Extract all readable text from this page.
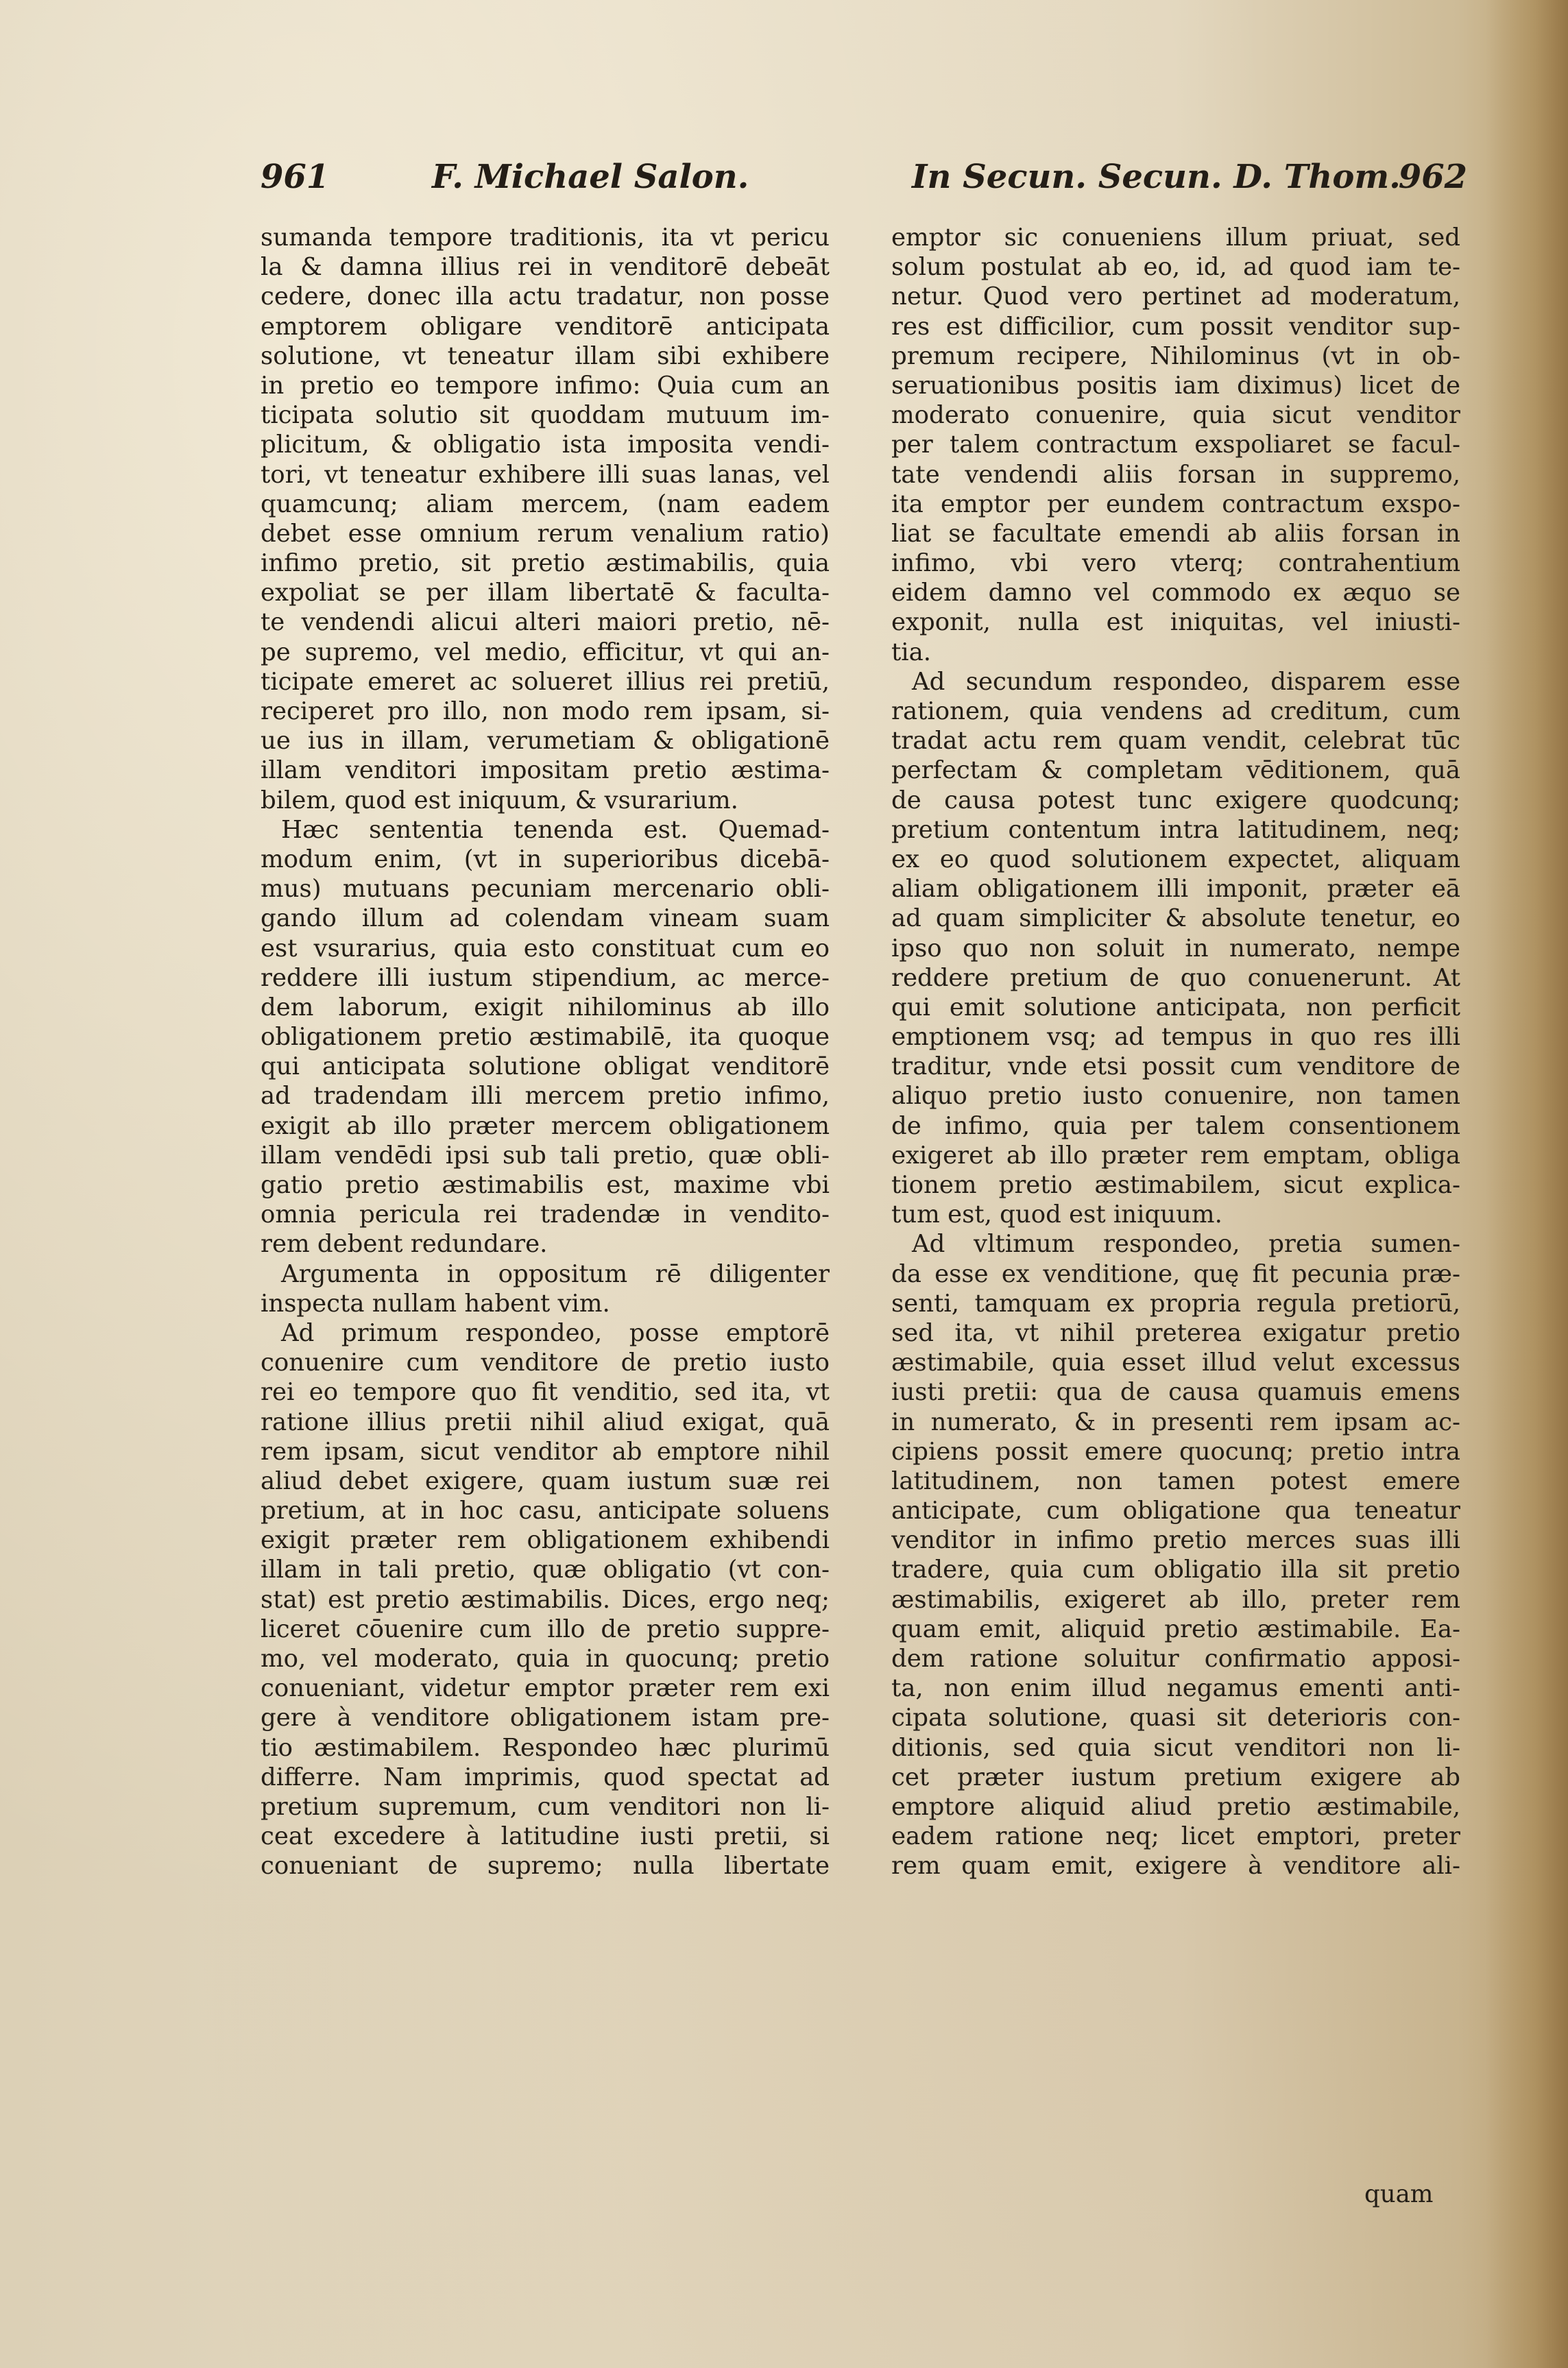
961	F. Michael Salon.	In Secun. Secun. D. Thom.
962

sumanda tempore traditionis, ita vt pericu

la & damna illius rei in venditorē debeāt

cedere, donec illa actu tradatur, non posse

emptorem obligare venditorē anticipata

solutione, vt teneatur illam sibi exhibere

in pretio eo tempore infimo: Quia cum an

ticipata solutio sit quoddam mutuum im-

plicitum, & obligatio ista imposita vendi-

tori, vt teneatur exhibere illi suas lanas, vel

quamcunq; aliam mercem, (nam eadem

debet esse omnium rerum venalium ratio)

infimo pretio, sit pretio æstimabilis, quia

expoliat se per illam libertatē & faculta-

te vendendi alicui alteri maiori pretio, nē-

pe supremo, vel medio, efficitur, vt qui an-

ticipate emeret ac solueret illius rei pretiū,

reciperet pro illo, non modo rem ipsam, si-

ue ius in illam, verumetiam & obligationē

illam venditori impositam pretio æstima-

bilem, quod est iniquum, & vsurarium.

Hæc sententia tenenda est. Quemad-

modum enim, (vt in superioribus dicebā-

mus) mutuans pecuniam mercenario obli-

gando illum ad colendam vineam suam

est vsurarius, quia esto constituat cum eo

reddere illi iustum stipendium, ac merce-

dem laborum, exigit nihilominus ab illo

obligationem pretio æstimabilē, ita quoque

qui anticipata solutione obligat venditorē

ad tradendam illi mercem pretio infimo,

exigit ab illo præter mercem obligationem

illam vendēdi ipsi sub tali pretio, quæ obli-

gatio pretio æstimabilis est, maxime vbi

omnia pericula rei tradendæ in vendito-

rem debent redundare.

Argumenta in oppositum rē diligenter

inspecta nullam habent vim.

Ad primum respondeo, posse emptorē

conuenire cum venditore de pretio iusto

rei eo tempore quo fit venditio, sed ita, vt

ratione illius pretii nihil aliud exigat, quā

rem ipsam, sicut venditor ab emptore nihil

aliud debet exigere, quam iustum suæ rei

pretium, at in hoc casu, anticipate soluens

exigit præter rem obligationem exhibendi

illam in tali pretio, quæ obligatio (vt con-

stat) est pretio æstimabilis. Dices, ergo neq;

liceret cōuenire cum illo de pretio suppre-

mo, vel moderato, quia in quocunq; pretio

conueniant, videtur emptor præter rem exi

gere à venditore obligationem istam pre-

tio æstimabilem. Respondeo hæc plurimū

differre. Nam imprimis, quod spectat ad

pretium supremum, cum venditori non li-

ceat excedere à latitudine iusti pretii, si

conueniant de supremo; nulla libertate

emptor sic conueniens illum priuat, sed

solum postulat ab eo, id, ad quod iam te-

netur. Quod vero pertinet ad moderatum,

res est difficilior, cum possit venditor sup-

premum recipere, Nihilominus (vt in ob-

seruationibus positis iam diximus) licet de

moderato conuenire, quia sicut venditor

per talem contractum exspoliaret se facul-

tate vendendi aliis forsan in suppremo,

ita emptor per eundem contractum exspo-

liat se facultate emendi ab aliis forsan in

infimo, vbi vero vterq; contrahentium

eidem damno vel commodo ex æquo se

exponit, nulla est iniquitas, vel iniusti-

tia.

Ad secundum respondeo, disparem esse

rationem, quia vendens ad creditum, cum

tradat actu rem quam vendit, celebrat tūc

perfectam & completam vēditionem, quā

de causa potest tunc exigere quodcunq;

pretium contentum intra latitudinem, neq;

ex eo quod solutionem expectet, aliquam

aliam obligationem illi imponit, præter eā

ad quam simpliciter & absolute tenetur, eo

ipso quo non soluit in numerato, nempe

reddere pretium de quo conuenerunt. At

qui emit solutione anticipata, non perficit

emptionem vsq; ad tempus in quo res illi

traditur, vnde etsi possit cum venditore de

aliquo pretio iusto conuenire, non tamen

de infimo, quia per talem consentionem

exigeret ab illo præter rem emptam, obliga

tionem pretio æstimabilem, sicut explica-

tum est, quod est iniquum.

Ad vltimum respondeo, pretia sumen-

da esse ex venditione, quę fit pecunia præ-

senti, tamquam ex propria regula pretiorū,

sed ita, vt nihil preterea exigatur pretio

æstimabile, quia esset illud velut excessus

iusti pretii: qua de causa quamuis emens

in numerato, & in presenti rem ipsam ac-

cipiens possit emere quocunq; pretio intra

latitudinem, non tamen potest emere

anticipate, cum obligatione qua teneatur

venditor in infimo pretio merces suas illi

tradere, quia cum obligatio illa sit pretio

æstimabilis, exigeret ab illo, preter rem

quam emit, aliquid pretio æstimabile. Ea-

dem ratione soluitur confirmatio apposi-

ta, non enim illud negamus ementi anti-

cipata solutione, quasi sit deterioris con-

ditionis, sed quia sicut venditori non li-

cet præter iustum pretium exigere ab

emptore aliquid aliud pretio æstimabile,

eadem ratione neq; licet emptori, preter

rem quam emit, exigere à venditore ali-

quam
